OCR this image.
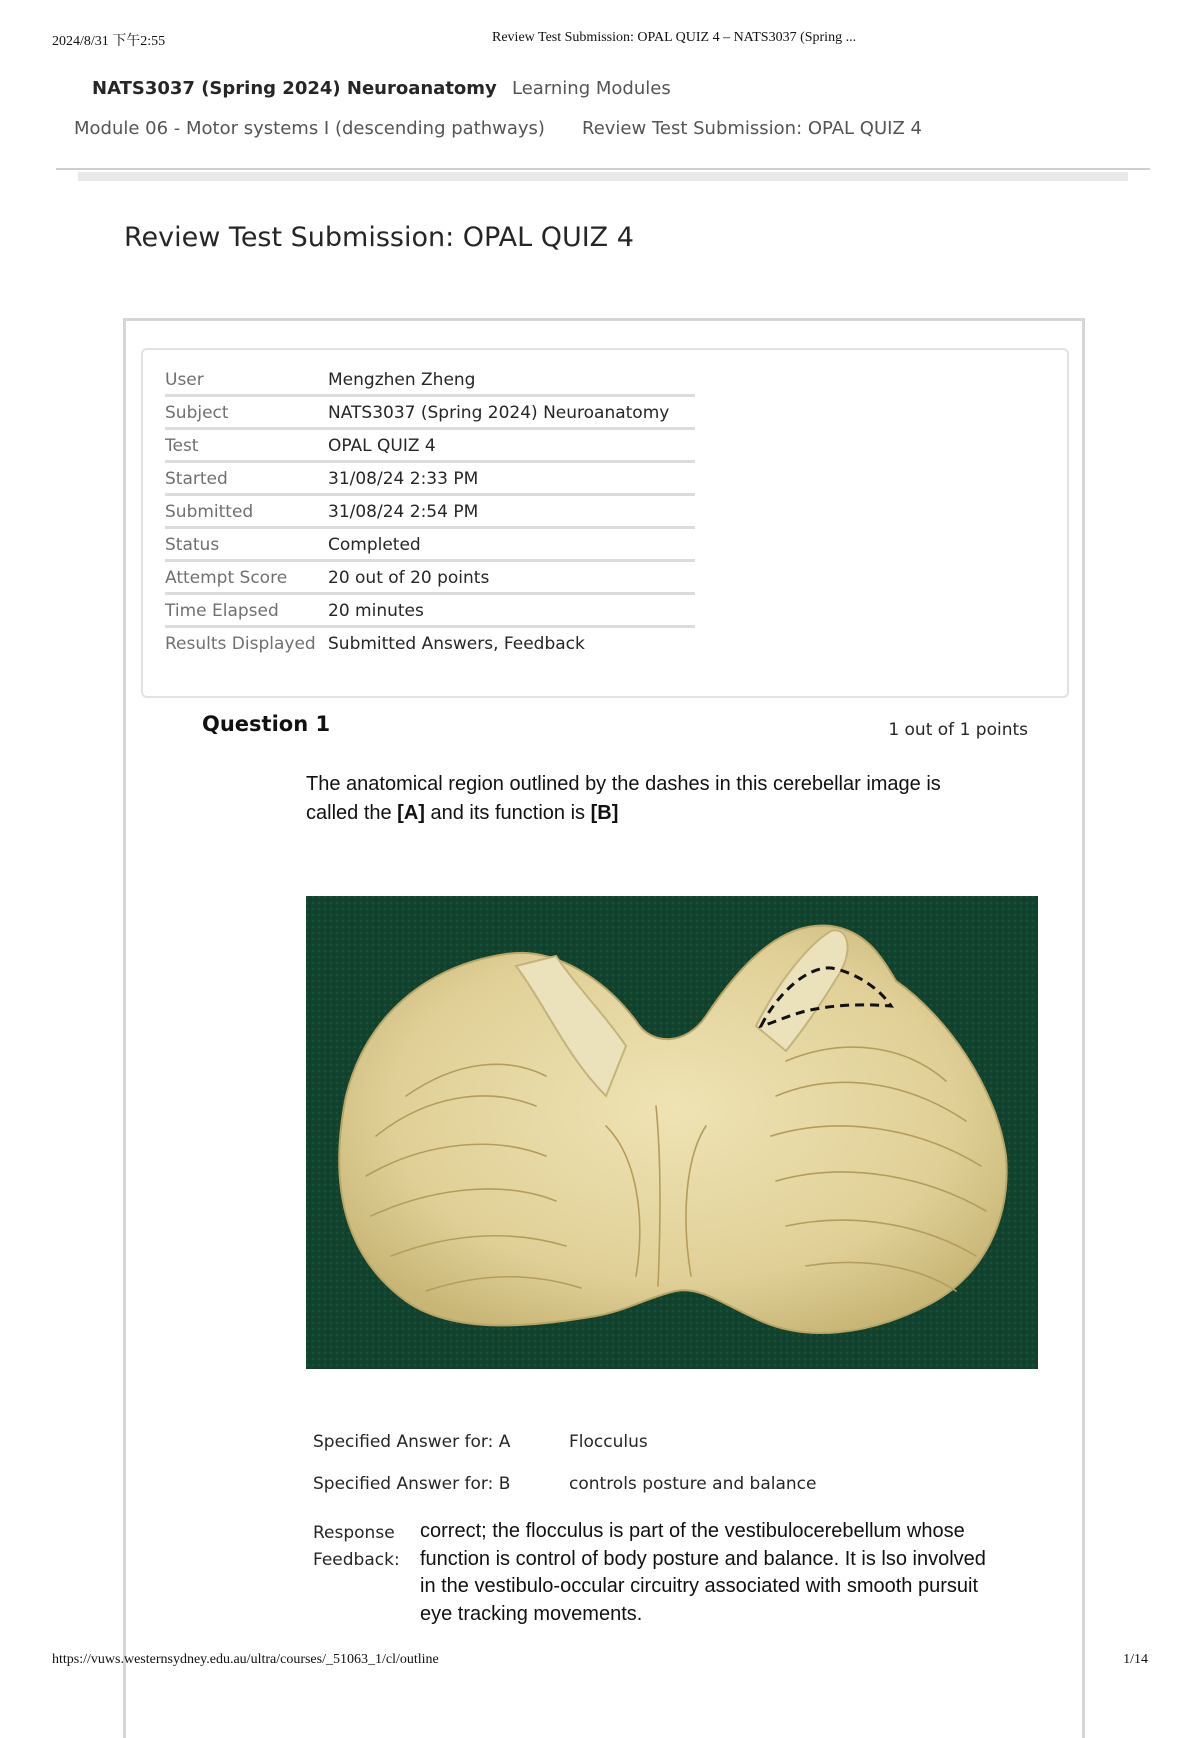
2024/8/31 下午2:55	Review Test Submission: OPAL QUIZ 4 – NATS3037 (Spring ...
NATS3037 (Spring 2024) Neuroanatomy Learning Modules
Module 06 - Motor systems I (descending pathways) Review Test Submission: OPAL QUIZ 4
Review Test Submission: OPAL QUIZ 4
User	Mengzhen Zheng
Subject	NATS3037 (Spring 2024) Neuroanatomy
Test	OPAL QUIZ 4
Started	31/08/24 2:33 PM
Submitted	31/08/24 2:54 PM
Status	Completed
Attempt Score 20 out of 20 points
Time Elapsed	20 minutes
Results Displayed Submitted Answers, Feedback
Question 1	1 out of 1 points
The anatomical region outlined by the dashes in this cerebellar image is
called the [A] and its function is [B]
Specified Answer for: A	Flocculus
Specified Answer for: B	controls posture and balance
Response
Feedback:
correct; the flocculus is part of the vestibulocerebellum whose
function is control of body posture and balance. It is lso involved
in the vestibulo-occular circuitry associated with smooth pursuit
eye tracking movements.
https://vuws.westernsydney.edu.au/ultra/courses/_51063_1/cl/outline	1/14
